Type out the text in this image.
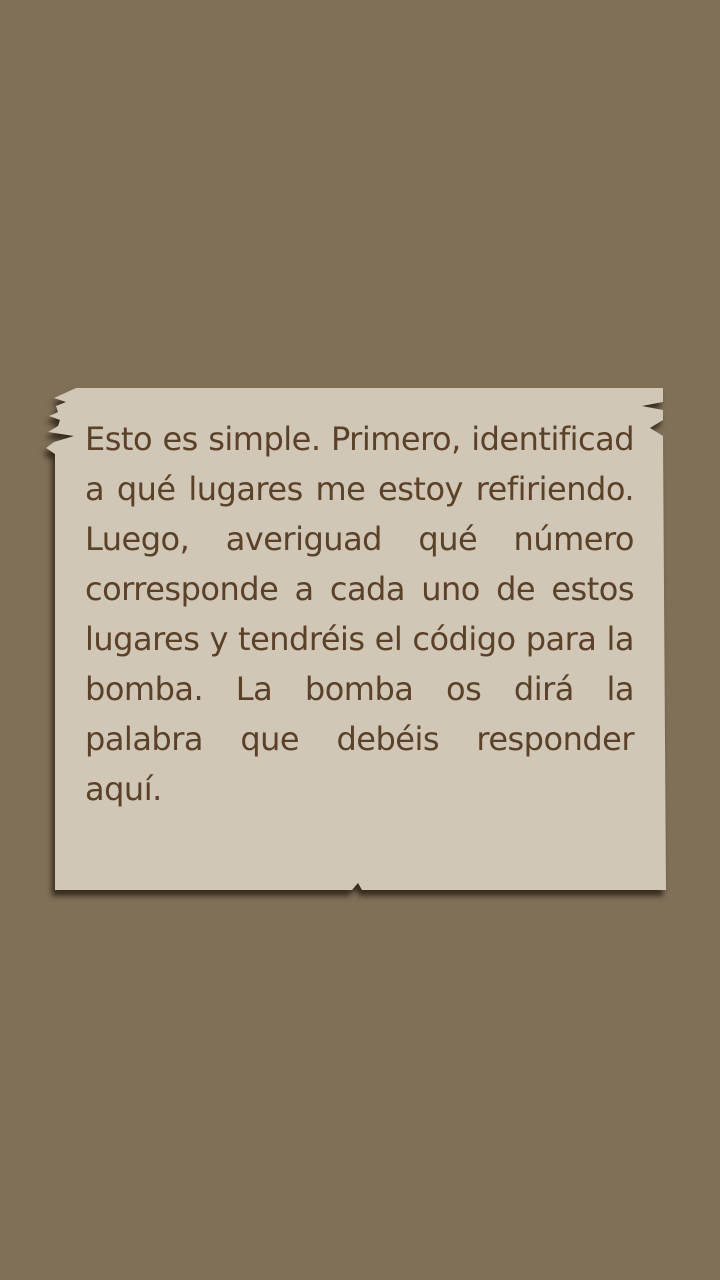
Esto es simple. Primero, identificad a qué lugares me estoy refiriendo. Luego, averiguad qué número corresponde a cada uno de estos lugares y tendréis el código para la bomba. La bomba os dirá la palabra que debéis responder aquí.
